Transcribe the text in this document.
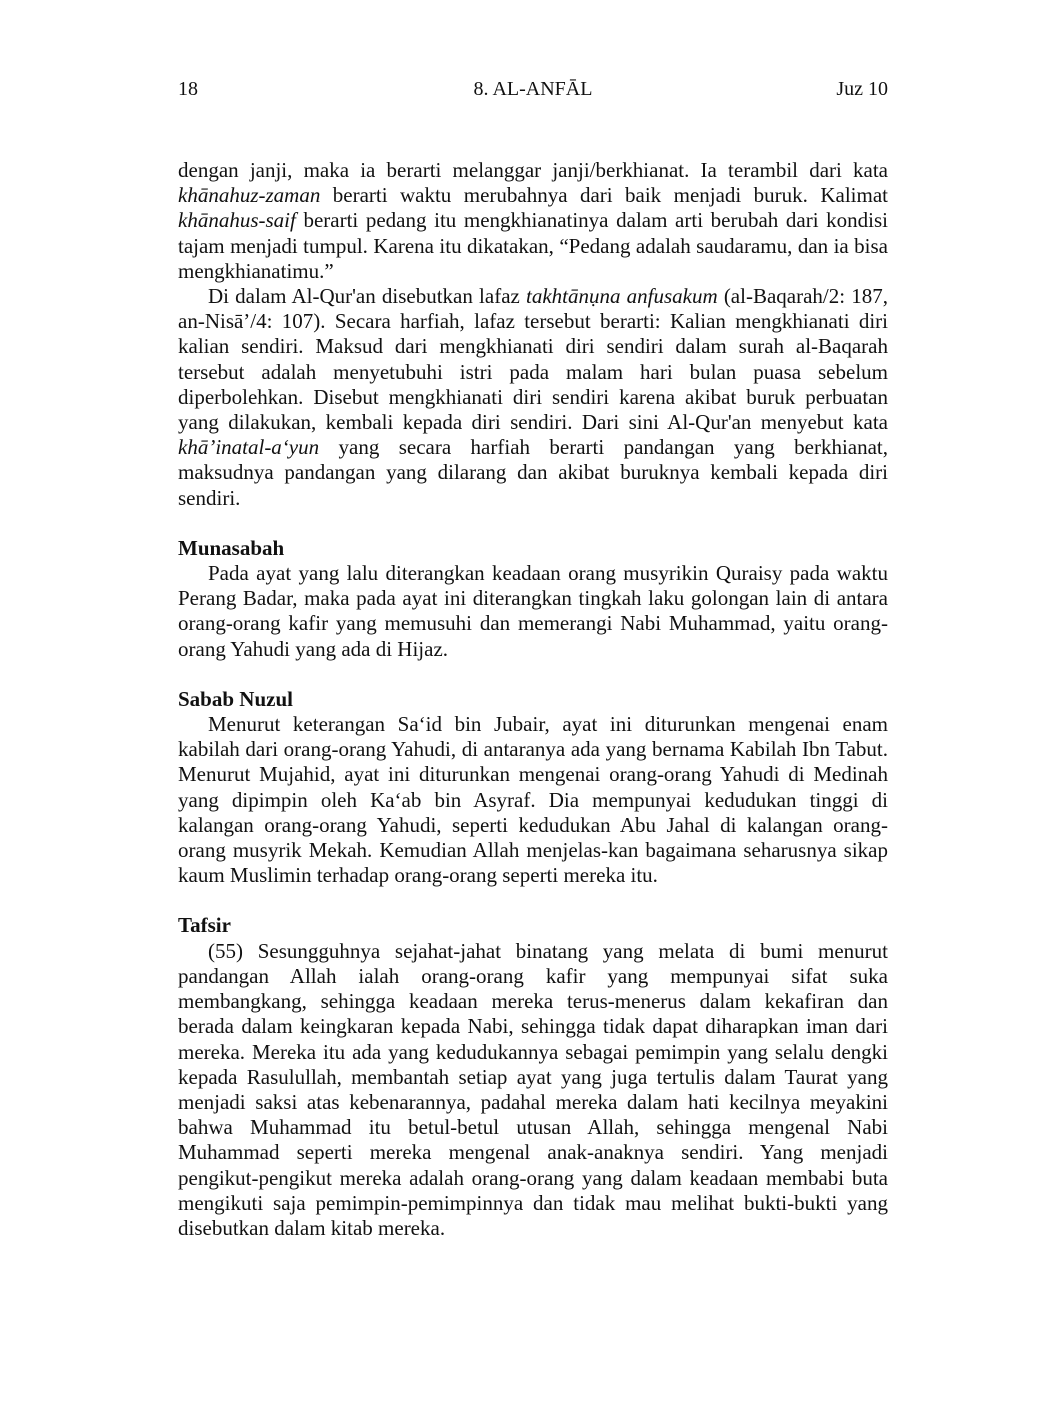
18	8. AL-ANFĀL	Juz 10

dengan janji, maka ia berarti melanggar janji/berkhianat. Ia terambil dari kata khānahuz-zaman berarti waktu merubahnya dari baik menjadi buruk. Kalimat khānahus-saif berarti pedang itu mengkhianatinya dalam arti berubah dari kondisi tajam menjadi tumpul. Karena itu dikatakan, “Pedang adalah saudaramu, dan ia bisa mengkhianatimu.”

Di dalam Al-Qur'an disebutkan lafaz takhtānụna anfusakum (al-Baqarah/2: 187, an-Nisā’/4: 107). Secara harfiah, lafaz tersebut berarti: Kalian mengkhianati diri kalian sendiri. Maksud dari mengkhianati diri sendiri dalam surah al-Baqarah tersebut adalah menyetubuhi istri pada malam hari bulan puasa sebelum diperbolehkan. Disebut mengkhianati diri sendiri karena akibat buruk perbuatan yang dilakukan, kembali kepada diri sendiri. Dari sini Al-Qur'an menyebut kata khā’inatal-a‘yun yang secara harfiah berarti pandangan yang berkhianat, maksudnya pandangan yang dilarang dan akibat buruknya kembali kepada diri sendiri.

Munasabah

Pada ayat yang lalu diterangkan keadaan orang musyrikin Quraisy pada waktu Perang Badar, maka pada ayat ini diterangkan tingkah laku golongan lain di antara orang-orang kafir yang memusuhi dan memerangi Nabi Muhammad, yaitu orang-orang Yahudi yang ada di Hijaz.

Sabab Nuzul

Menurut keterangan Sa‘id bin Jubair, ayat ini diturunkan mengenai enam kabilah dari orang-orang Yahudi, di antaranya ada yang bernama Kabilah Ibn Tabut. Menurut Mujahid, ayat ini diturunkan mengenai orang-orang Yahudi di Medinah yang dipimpin oleh Ka‘ab bin Asyraf. Dia mempunyai kedudukan tinggi di kalangan orang-orang Yahudi, seperti kedudukan Abu Jahal di kalangan orang-orang musyrik Mekah. Kemudian Allah menjelas-kan bagaimana seharusnya sikap kaum Muslimin terhadap orang-orang seperti mereka itu.

Tafsir

(55) Sesungguhnya sejahat-jahat binatang yang melata di bumi menurut pandangan Allah ialah orang-orang kafir yang mempunyai sifat suka membangkang, sehingga keadaan mereka terus-menerus dalam kekafiran dan berada dalam keingkaran kepada Nabi, sehingga tidak dapat diharapkan iman dari mereka. Mereka itu ada yang kedudukannya sebagai pemimpin yang selalu dengki kepada Rasulullah, membantah setiap ayat yang juga tertulis dalam Taurat yang menjadi saksi atas kebenarannya, padahal mereka dalam hati kecilnya meyakini bahwa Muhammad itu betul-betul utusan Allah, sehingga mengenal Nabi Muhammad seperti mereka mengenal anak-anaknya sendiri. Yang menjadi pengikut-pengikut mereka adalah orang-orang yang dalam keadaan membabi buta mengikuti saja pemimpin-pemimpinnya dan tidak mau melihat bukti-bukti yang disebutkan dalam kitab mereka.
